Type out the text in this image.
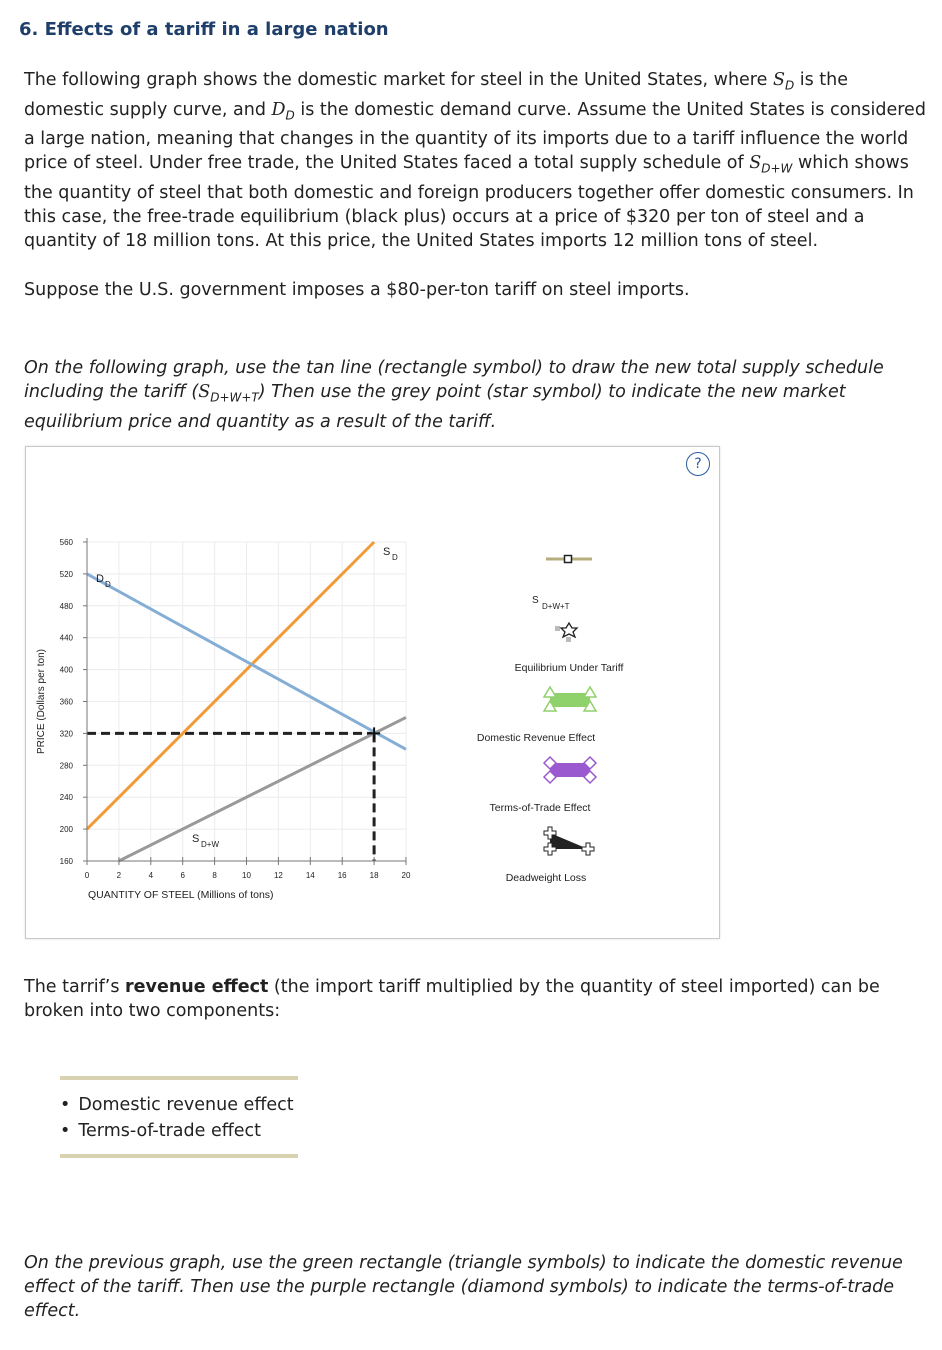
6. Effects of a tariff in a large nation
The following graph shows the domestic market for steel in the United States, where $S_D$ is the domestic supply curve, and $D_D$ is the domestic demand curve. Assume the United States is considered a large nation, meaning that changes in the quantity of its imports due to a tariff influence the world price of steel. Under free trade, the United States faced a total supply schedule of $S_{D+W}$ which shows the quantity of steel that both domestic and foreign producers together offer domestic consumers. In this case, the free-trade equilibrium (black plus) occurs at a price of $320 per ton of steel and a quantity of 18 million tons. At this price, the United States imports 12 million tons of steel.
Suppose the U.S. government imposes a $80-per-ton tariff on steel imports.
On the following graph, use the tan line (rectangle symbol) to draw the new total supply schedule including the tariff $(S_{D+W+T})$ Then use the grey point (star symbol) to indicate the new market equilibrium price and quantity as a result of the tariff.
160
200
240
280
320
360
400
440
480
520
560
0	2	4	6	8	10	12	14	16	18	20
PRICE (Dollars per ton)
QUANTITY OF STEEL (Millions of tons)
S D
D D
S D+W
S
D+W+T
Equilibrium Under Tariff
Domestic Revenue Effect
Terms-of-Trade Effect
Deadweight Loss
?
The tarrif’s revenue effect (the import tariff multiplied by the quantity of steel imported) can be broken into two components:
• Domestic revenue effect
• Terms-of-trade effect
On the previous graph, use the green rectangle (triangle symbols) to indicate the domestic revenue effect of the tariff. Then use the purple rectangle (diamond symbols) to indicate the terms-of-trade effect.
